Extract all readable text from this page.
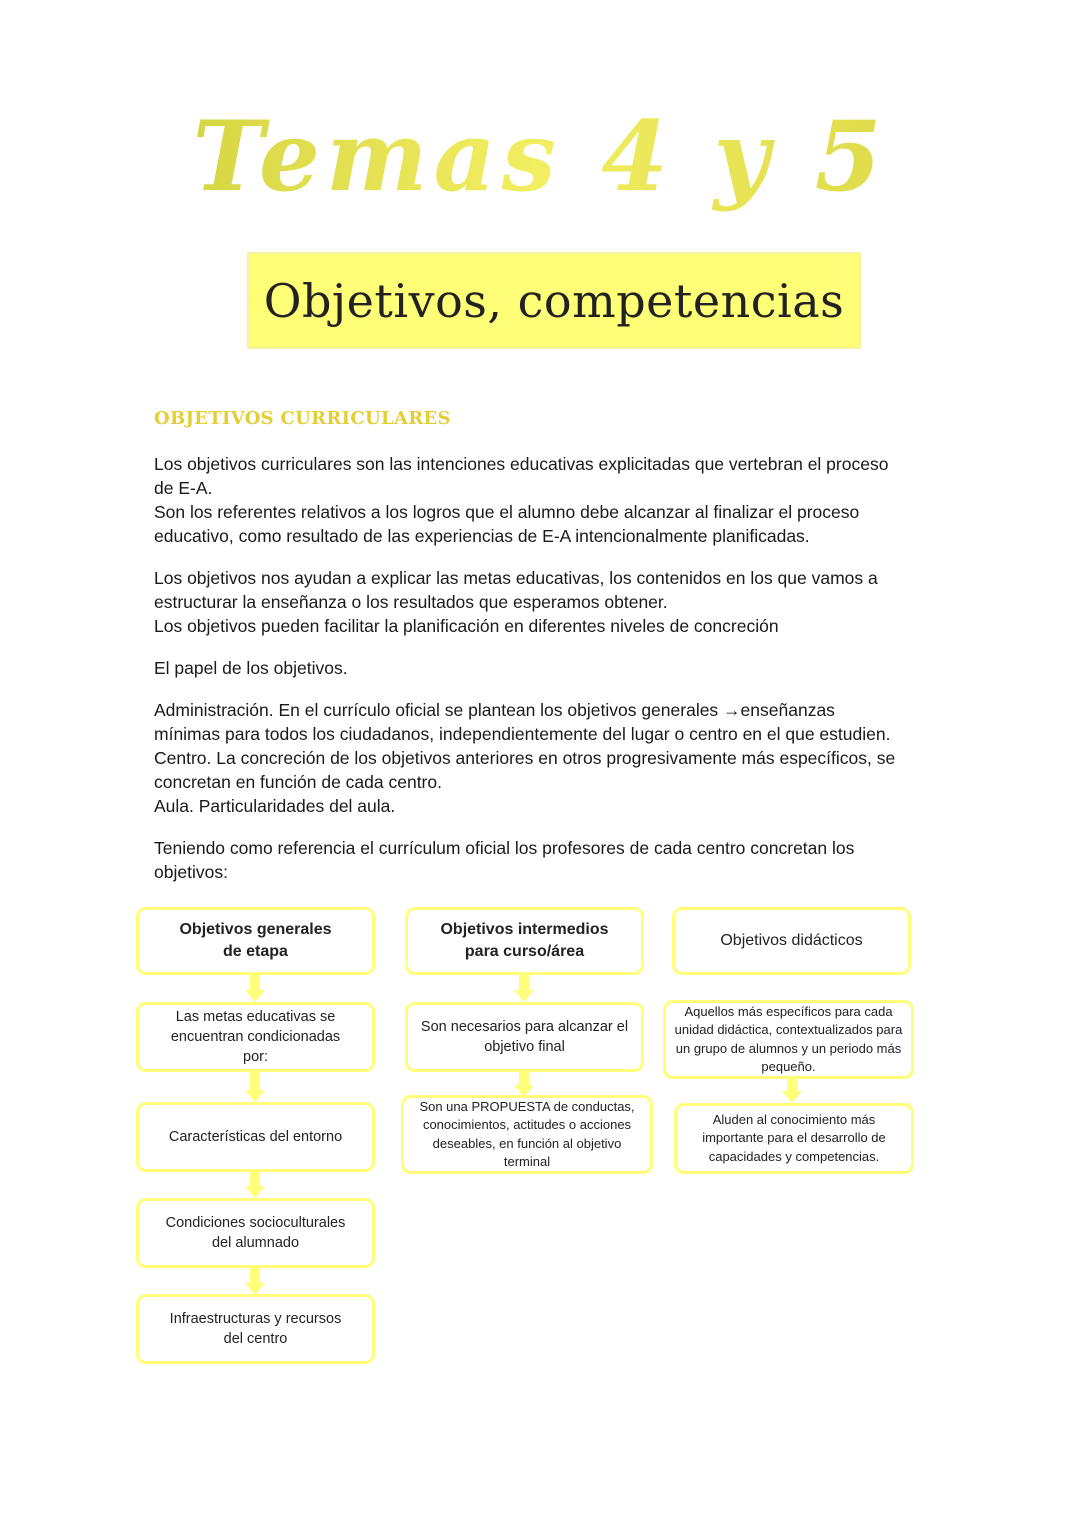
Temas 4 y 5
Objetivos, competencias
OBJETIVOS CURRICULARES

Los objetivos curriculares son las intenciones educativas explicitadas que vertebran el proceso
de E-A.
Son los referentes relativos a los logros que el alumno debe alcanzar al finalizar el proceso
educativo, como resultado de las experiencias de E-A intencionalmente planificadas.

Los objetivos nos ayudan a explicar las metas educativas, los contenidos en los que vamos a
estructurar la enseñanza o los resultados que esperamos obtener.
Los objetivos pueden facilitar la planificación en diferentes niveles de concreción

El papel de los objetivos.

Administración. En el currículo oficial se plantean los objetivos generales →enseñanzas
mínimas para todos los ciudadanos, independientemente del lugar o centro en el que estudien.
Centro. La concreción de los objetivos anteriores en otros progresivamente más específicos, se
concretan en función de cada centro.
Aula. Particularidades del aula.

Teniendo como referencia el currículum oficial los profesores de cada centro concretan los
objetivos:

Objetivos generales de etapa
Las metas educativas se encuentran condicionadas por:
Características del entorno
Condiciones socioculturales del alumnado
Infraestructuras y recursos del centro
Objetivos intermedios para curso/área
Son necesarios para alcanzar el objetivo final
Son una PROPUESTA de conductas, conocimientos, actitudes o acciones deseables, en función al objetivo terminal
Objetivos didácticos
Aquellos más específicos para cada unidad didáctica, contextualizados para un grupo de alumnos y un periodo más pequeño.
Aluden al conocimiento más importante para el desarrollo de capacidades y competencias.
